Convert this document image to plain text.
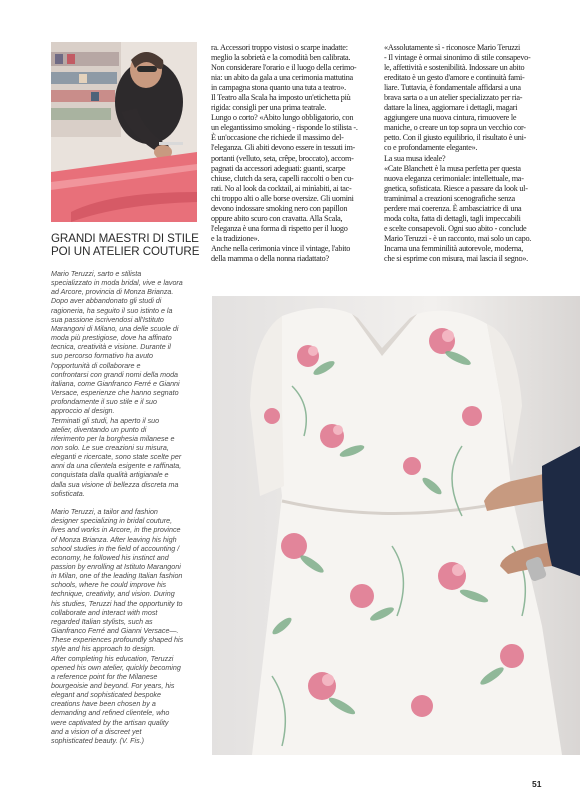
GRANDI MAESTRI DI STILE
POI UN ATELIER COUTURE
Mario Teruzzi, sarto e stilista
specializzato in moda bridal, vive e lavora
ad Arcore, provincia di Monza Brianza.
Dopo aver abbandonato gli studi di
ragioneria, ha seguito il suo istinto e la
sua passione iscrivendosi all'Istituto
Marangoni di Milano, una delle scuole di
moda più prestigiose, dove ha affinato
tecnica, creatività e visione. Durante il
suo percorso formativo ha avuto
l'opportunità di collaborare e
confrontarsi con grandi nomi della moda
italiana, come Gianfranco Ferré e Gianni
Versace, esperienze che hanno segnato
profondamente il suo stile e il suo
approccio al design.
Terminati gli studi, ha aperto il suo
atelier, diventando un punto di
riferimento per la borghesia milanese e
non solo. Le sue creazioni su misura,
eleganti e ricercate, sono state scelte per
anni da una clientela esigente e raffinata,
conquistata dalla qualità artigianale e
dalla sua visione di bellezza discreta ma
sofisticata.
Mario Teruzzi, a tailor and fashion
designer specializing in bridal couture,
lives and works in Arcore, in the province
of Monza Brianza. After leaving his high
school studies in the field of accounting /
economy, he followed his instinct and
passion by enrolling at Istituto Marangoni
in Milan, one of the leading Italian fashion
schools, where he could improve his
technique, creativity, and vision. During
his studies, Teruzzi had the opportunity to
collaborate and interact with most
regarded Italian stylists, such as
Gianfranco Ferré and Gianni Versace—.
These experiences profoundly shaped his
style and his approach to design.
After completing his education, Teruzzi
opened his own atelier, quickly becoming
a reference point for the Milanese
bourgeoisie and beyond. For years, his
elegant and sophisticated bespoke
creations have been chosen by a
demanding and refined clientele, who
were captivated by the artisan quality
and a vision of a discreet yet
sophisticated beauty. (V. Fis.)
ra. Accessori troppo vistosi o scarpe inadatte:
meglio la sobrietà e la comodità ben calibrata.
Non considerare l'orario e il luogo della cerimo-
nia: un abito da gala a una cerimonia mattutina
in campagna stona quanto una tuta a teatro».
Il Teatro alla Scala ha imposto un'etichetta più
rigida: consigli per una prima teatrale.
Lungo o corto? «Abito lungo obbligatorio, con
un elegantissimo smoking - risponde lo stilista -.
È un'occasione che richiede il massimo del-
l'eleganza. Gli abiti devono essere in tessuti im-
portanti (velluto, seta, crêpe, broccato), accom-
pagnati da accessori adeguati: guanti, scarpe
chiuse, clutch da sera, capelli raccolti o ben cu-
rati. No al look da cocktail, ai minìabiti, ai tac-
chi troppo alti o alle borse oversize. Gli uomini
devono indossare smoking nero con papillon
oppure abito scuro con cravatta. Alla Scala,
l'eleganza è una forma di rispetto per il luogo
e la tradizione».
Anche nella cerimonia vince il vintage, l'abito
della mamma o della nonna riadattato?
«Assolutamente sì - riconosce Mario Teruzzi
- Il vintage è ormai sinonimo di stile consapevo-
le, affettività e sostenibilità. Indossare un abito
ereditato è un gesto d'amore e continuità fami-
liare. Tuttavia, è fondamentale affidarsi a una
brava sarta o a un atelier specializzato per ria-
dattare la linea, aggiornare i dettagli, magari
aggiungere una nuova cintura, rimuovere le
maniche, o creare un top sopra un vecchio cor-
petto. Con il giusto equilibrio, il risultato è uni-
co e profondamente elegante».
La sua musa ideale?
«Cate Blanchett è la musa perfetta per questa
nuova eleganza cerimoniale: intellettuale, ma-
gnetica, sofisticata. Riesce a passare da look ul-
traminimal a creazioni scenografiche senza
perdere mai coerenza. È ambasciatrice di una
moda colta, fatta di dettagli, tagli impeccabili
e scelte consapevoli. Ogni suo abito - conclude
Mario Teruzzi - è un racconto, mai solo un capo.
Incarna una femminilità autorevole, moderna,
che si esprime con misura, mai lascia il segno».
51
